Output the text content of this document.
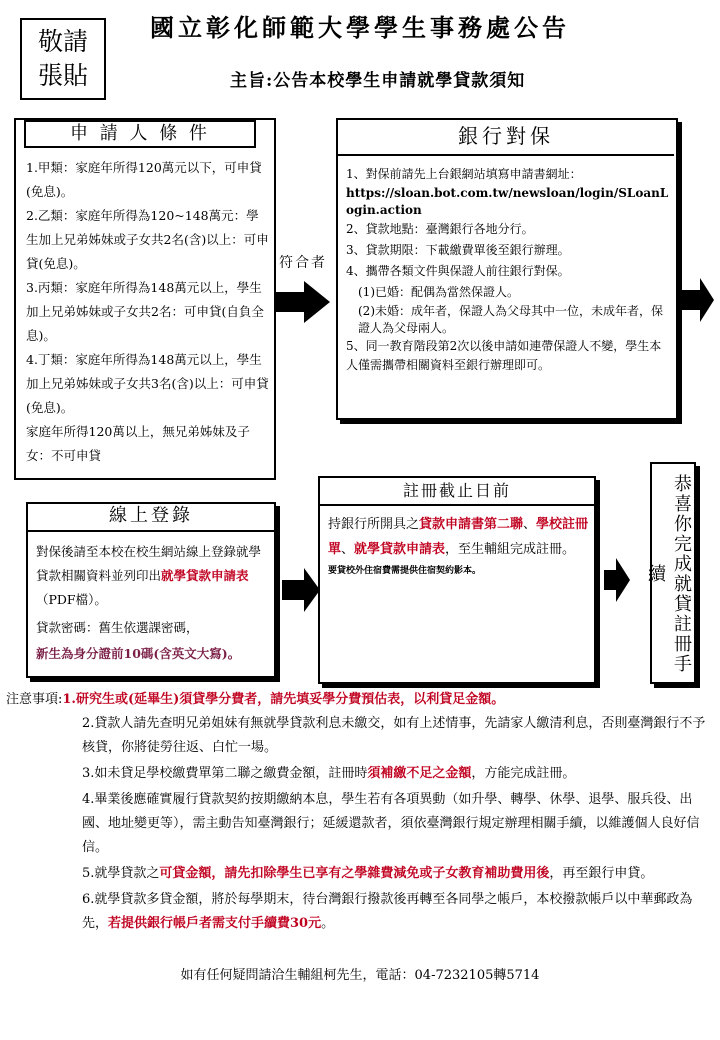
敬請
張貼
國立彰化師範大學學生事務處公告
主旨:公告本校學生申請就學貸款須知
申 請 人 條 件
1.甲類：家庭年所得120萬元以下，可申貸(免息)。
2.乙類：家庭年所得為120~148萬元：學生加上兄弟姊妹或子女共2名(含)以上：可申貸(免息)。
3.丙類：家庭年所得為148萬元以上，學生加上兄弟姊妹或子女共2名：可申貸(自負全息)。
4.丁類：家庭年所得為148萬元以上，學生加上兄弟姊妹或子女共3名(含)以上：可申貸(免息)。
家庭年所得120萬以上，無兄弟姊妹及子女：不可申貸
符合者
銀行對保
1、對保前請先上台銀網站填寫申請書網址：
https://sloan.bot.com.tw/newsloan/login/SLoanLogin.action
2、貸款地點：臺灣銀行各地分行。
3、貸款期限：下載繳費單後至銀行辦理。
4、攜帶各類文件與保證人前往銀行對保。
(1)已婚：配偶為當然保證人。
(2)未婚：成年者，保證人為父母其中一位，未成年者，保證人為父母兩人。
5、同一教育階段第2次以後申請如連帶保證人不變，學生本人僅需攜帶相關資料至銀行辦理即可。
線上登錄
對保後請至本校在校生網站線上登錄就學貸款相關資料並列印出就學貸款申請表（PDF檔）。
貸款密碼：舊生依選課密碼，
新生為身分證前10碼(含英文大寫)。
註冊截止日前
持銀行所開具之貸款申請書第二聯、學校註冊單、就學貸款申請表，至生輔組完成註冊。
要貸校外住宿費需提供住宿契約影本。	恭喜你完成就貸註冊手續
注意事項: 1.研究生或(延畢生)須貸學分費者，請先填妥學分費預估表，以利貸足金額。
2.貸款人請先查明兄弟姐妹有無就學貸款利息未繳交，如有上述情事，先請家人繳清利息，否則臺灣銀行不予核貸，你將徒勞往返、白忙一場。
3.如未貸足學校繳費單第二聯之繳費金額，註冊時須補繳不足之金額，方能完成註冊。
4.畢業後應確實履行貸款契約按期繳納本息，學生若有各項異動（如升學、轉學、休學、退學、服兵役、出國、地址變更等），需主動告知臺灣銀行；延緩還款者，須依臺灣銀行規定辦理相關手續，以維護個人良好信信。
5.就學貸款之可貸金額，請先扣除學生已享有之學雜費減免或子女教育補助費用後，再至銀行申貸。
6.就學貸款多貸金額，將於每學期末，待台灣銀行撥款後再轉至各同學之帳戶，本校撥款帳戶以中華郵政為先，若提供銀行帳戶者需支付手續費30元。
如有任何疑問請洽生輔組柯先生，電話：04-7232105轉5714
